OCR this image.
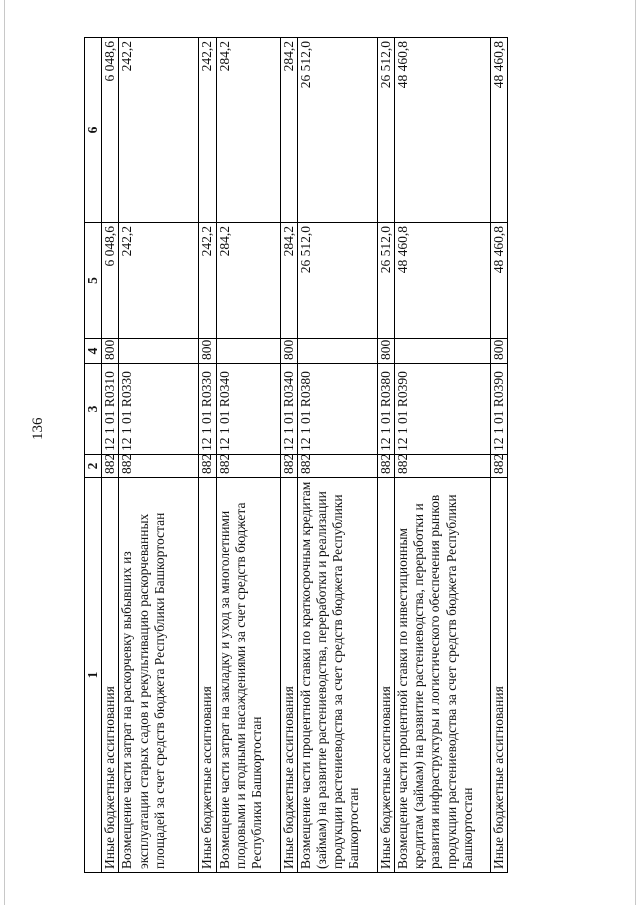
136
1	2	3	4	5	6
Иные бюджетные ассигнования	882	12 1 01 R0310	800	6 048,6	6 048,6
Возмещение части затрат на раскорчевку выбывших из эксплуатации старых садов и рекультивацию раскорчеванных площадей за счет средств бюджета Республики Башкортостан	882	12 1 01 R0330		242,2	242,2
Иные бюджетные ассигнования	882	12 1 01 R0330	800	242,2	242,2
Возмещение части затрат на закладку и уход за многолетними плодовыми и ягодными насаждениями за счет средств бюджета Республики Башкортостан	882	12 1 01 R0340		284,2	284,2
Иные бюджетные ассигнования	882	12 1 01 R0340	800	284,2	284,2
Возмещение части процентной ставки по краткосрочным кредитам (займам) на развитие растениеводства, переработки и реализации продукции растениеводства за счет средств бюджета Республики Башкортостан	882	12 1 01 R0380		26 512,0	26 512,0
Иные бюджетные ассигнования	882	12 1 01 R0380	800	26 512,0	26 512,0
Возмещение части процентной ставки по инвестиционным кредитам (займам) на развитие растениеводства, переработки и развития инфраструктуры и логистического обеспечения рынков продукции растениеводства за счет средств бюджета Республики Башкортостан	882	12 1 01 R0390		48 460,8	48 460,8
Иные бюджетные ассигнования	882	12 1 01 R0390	800	48 460,8	48 460,8
